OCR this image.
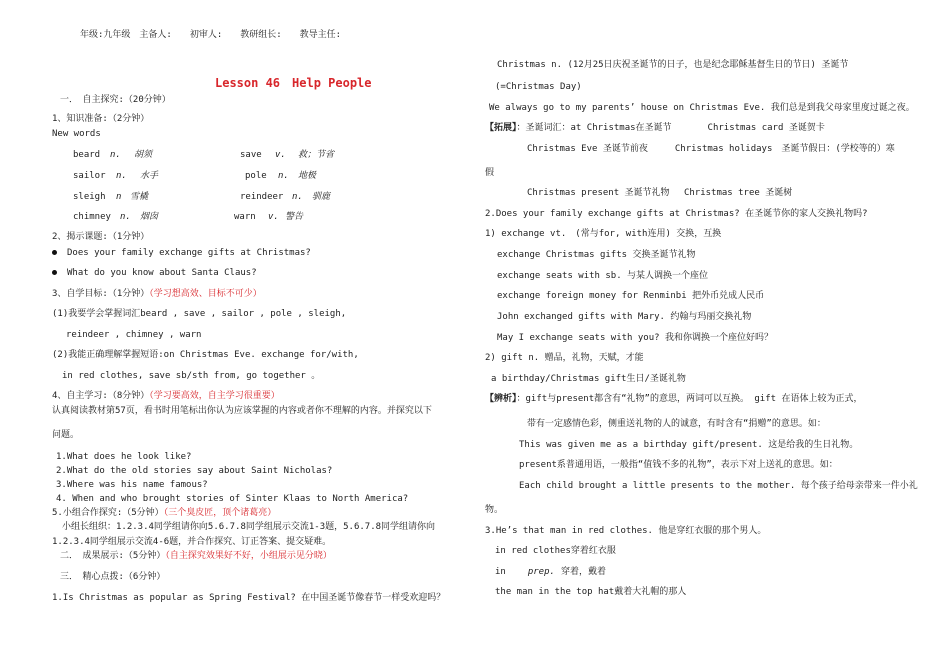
年级:九年级　主备人:　　初审人:　　教研组长:　　教导主任:
Lesson 46　Help People
一．　自主探究:（20分钟）
1、知识准备:（2分钟）
New words
beard n. 胡须	save v. 救；节省
sailor n. 水手	pole n. 地极
sleigh n 雪橇	reindeer n. 驯鹿
chimney n. 烟囱	warn v. 警告
2、揭示课题:（1分钟）
Does your family exchange gifts at Christmas?
What do you know about Santa Claus?
3、自学目标:（1分钟）（学习想高效、目标不可少）
(1)我要学会掌握词汇beard , save , sailor , pole , sleigh,
reindeer , chimney , warn
(2)我能正确理解掌握短语:on Christmas Eve. exchange for/with,
in red clothes, save sb/sth from, go together 。
4、自主学习:（8分钟）（学习要高效，自主学习很重要）
认真阅读教材第57页，看书时用笔标出你认为应该掌握的内容或者你不理解的内容。并探究以下
问题。
1.What does he look like?
2.What do the old stories say about Saint Nicholas?
3.Where was his name famous?
4. When and who brought stories of Sinter Klaas to North America?
5.小组合作探究:（5分钟）（三个臭皮匠，顶个诸葛亮）
小组长组织：1.2.3.4同学组请你向5.6.7.8同学组展示交流1-3题，5.6.7.8同学组请你向
1.2.3.4同学组展示交流4-6题，并合作探究、订正答案、提交疑难。
二．　成果展示:（5分钟）（自主探究效果好不好，小组展示见分晓）
三．　精心点拨:（6分钟）
1.Is Christmas as popular as Spring Festival? 在中国圣诞节像春节一样受欢迎吗？
Christmas n. (12月25日庆祝圣诞节的日子，也是纪念耶稣基督生日的节日) 圣诞节
(=Christmas Day)
We always go to my parents’ house on Christmas Eve. 我们总是到我父母家里度过诞之夜。
【拓展】：圣诞词汇：at Christmas在圣诞节　　　　Christmas card 圣诞贺卡
Christmas Eve 圣诞节前夜　　　Christmas holidays　圣诞节假日：(学校等的）寒
假
Christmas present 圣诞节礼物　 Christmas tree 圣诞树
2.Does your family exchange gifts at Christmas? 在圣诞节你的家人交换礼物吗?
1) exchange vt.　(常与for, with连用) 交换，互换
exchange Christmas gifts 交换圣诞节礼物
exchange seats with sb. 与某人调换一个座位
exchange foreign money for Renminbi 把外币兑成人民币
John exchanged gifts with Mary. 约翰与玛丽交换礼物
May I exchange seats with you? 我和你调换一个座位好吗？
2) gift n. 赠品，礼物，天赋，才能
a birthday/Christmas gift生日/圣诞礼物
【辨析】：gift与present都含有“礼物”的意思，两词可以互换。 gift 在语体上较为正式，
带有一定感情色彩，侧重送礼物的人的诚意，有时含有“捐赠”的意思。如：
This was given me as a birthday gift/present. 这是给我的生日礼物。
present系普通用语，一般指“值钱不多的礼物”，表示下对上送礼的意思。如：
Each child brought a little presents to the mother. 每个孩子给母亲带来一件小礼
物。
3.He’s that man in red clothes. 他是穿红衣服的那个男人。
in red clothes穿着红衣服
in prep. 穿着，戴着
the man in the top hat戴着大礼帽的那人
